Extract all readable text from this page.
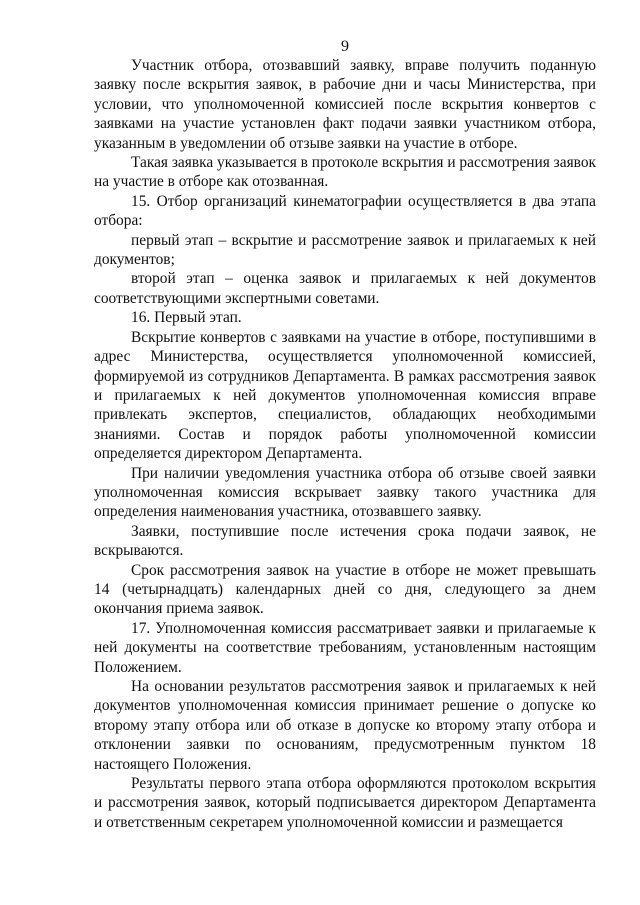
9

Участник отбора, отозвавший заявку, вправе получить поданную заявку после вскрытия заявок, в рабочие дни и часы Министерства, при условии, что уполномоченной комиссией после вскрытия конвертов с заявками на участие установлен факт подачи заявки участником отбора, указанным в уведомлении об отзыве заявки на участие в отборе.

Такая заявка указывается в протоколе вскрытия и рассмотрения заявок на участие в отборе как отозванная.

15. Отбор организаций кинематографии осуществляется в два этапа отбора:

первый этап – вскрытие и рассмотрение заявок и прилагаемых к ней документов;

второй этап – оценка заявок и прилагаемых к ней документов соответствующими экспертными советами.

16. Первый этап.

Вскрытие конвертов с заявками на участие в отборе, поступившими в адрес Министерства, осуществляется уполномоченной комиссией, формируемой из сотрудников Департамента. В рамках рассмотрения заявок и прилагаемых к ней документов уполномоченная комиссия вправе привлекать экспертов, специалистов, обладающих необходимыми знаниями. Состав и порядок работы уполномоченной комиссии определяется директором Департамента.

При наличии уведомления участника отбора об отзыве своей заявки уполномоченная комиссия вскрывает заявку такого участника для определения наименования участника, отозвавшего заявку.

Заявки, поступившие после истечения срока подачи заявок, не вскрываются.

Срок рассмотрения заявок на участие в отборе не может превышать 14 (четырнадцать) календарных дней со дня, следующего за днем окончания приема заявок.

17. Уполномоченная комиссия рассматривает заявки и прилагаемые к ней документы на соответствие требованиям, установленным настоящим Положением.

На основании результатов рассмотрения заявок и прилагаемых к ней документов уполномоченная комиссия принимает решение о допуске ко второму этапу отбора или об отказе в допуске ко второму этапу отбора и отклонении заявки по основаниям, предусмотренным пунктом 18 настоящего Положения.

Результаты первого этапа отбора оформляются протоколом вскрытия и рассмотрения заявок, который подписывается директором Департамента и ответственным секретарем уполномоченной комиссии и размещается
